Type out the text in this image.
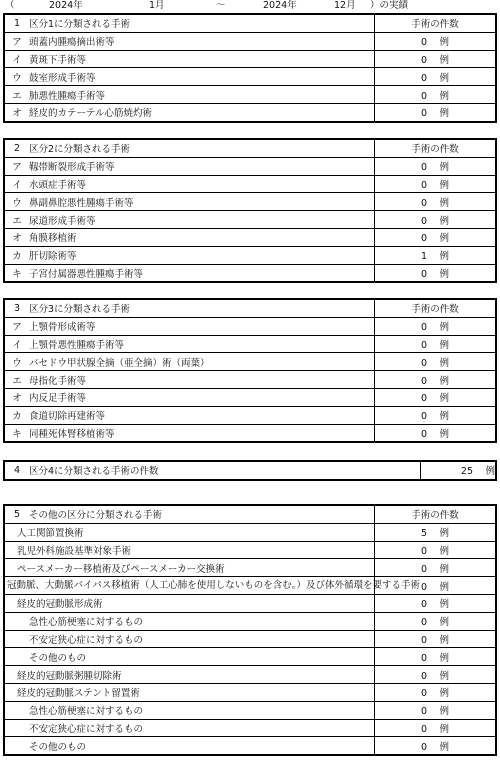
（	2024年	1月	～	2024年	12月 ）の実績
1	区分1に分類される手術	手術の件数
ア	頭蓋内腫瘍摘出術等	0 例
イ	黄斑下手術等	0 例
ウ	鼓室形成手術等	0 例
エ	肺悪性腫瘍手術等	0 例
オ	経皮的カテーテル心筋焼灼術	0 例
2	区分2に分類される手術	手術の件数
ア	靱帯断裂形成手術等	0 例
イ	水頭症手術等	0 例
ウ	鼻副鼻腔悪性腫瘍手術等	0 例
エ	尿道形成手術等	0 例
オ	角膜移植術	0 例
カ	肝切除術等	1 例
キ	子宮付属器悪性腫瘍手術等	0 例
3	区分3に分類される手術	手術の件数
ア	上顎骨形成術等	0 例
イ	上顎骨悪性腫瘍手術等	0 例
ウ	バセドウ甲状腺全摘（亜全摘）術（両葉）	0 例
エ	母指化手術等	0 例
オ	内反足手術等	0 例
カ	食道切除再建術等	0 例
キ	同種死体腎移植術等	0 例
4	区分4に分類される手術の件数	25 例
5	その他の区分に分類される手術	手術の件数
人工関節置換術		5 例
乳児外科施設基準対象手術		0 例
ペースメーカー移植術及びペースメーカー交換術		0 例
冠動脈、大動脈バイパス移植術（人工心肺を使用しないものを含む。）及び体外循環を要する手術		0 例
経皮的冠動脈形成術		0 例
急性心筋梗塞に対するもの		0 例
不安定狭心症に対するもの		0 例
その他のもの		0 例
経皮的冠動脈粥腫切除術		0 例
経皮的冠動脈ステント留置術		0 例
急性心筋梗塞に対するもの		0 例
不安定狭心症に対するもの		0 例
その他のもの		0 例
